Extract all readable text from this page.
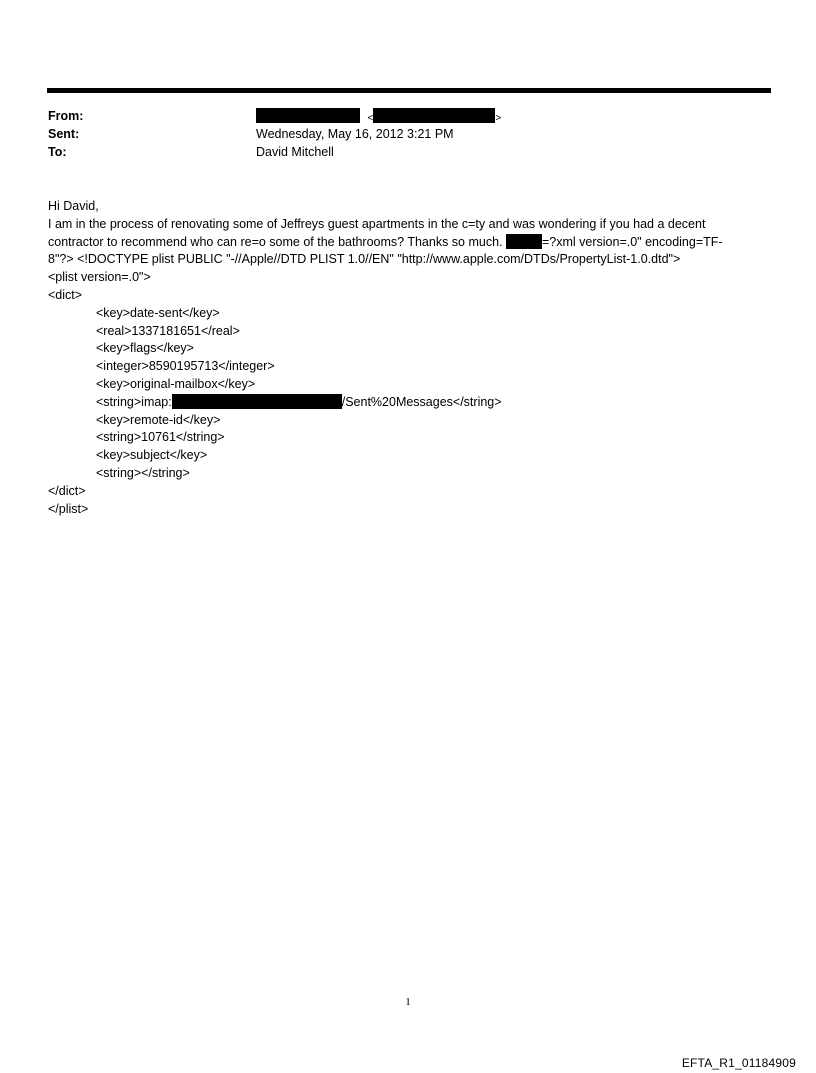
From:	<	>
Sent:	Wednesday, May 16, 2012 3:21 PM
To:	David Mitchell
Hi David,
I am in the process of renovating some of Jeffreys guest apartments in the c=ty and was wondering if you had a decent
contractor to recommend who can re=o some of the bathrooms? Thanks so much.	=?xml version=.0" encoding=TF-
8"?> <!DOCTYPE plist PUBLIC "-//Apple//DTD PLIST 1.0//EN" "http://www.apple.com/DTDs/PropertyList-1.0.dtd">
<plist version=.0">
<dict>
<key>date-sent</key>
<real>1337181651</real>
<key>flags</key>
<integer>8590195713</integer>
<key>original-mailbox</key>
<string>imap:	/Sent%20Messages</string>
<key>remote-id</key>
<string>10761</string>
<key>subject</key>
<string></string>
</dict>
</plist>
1
EFTA_R1_01184909
